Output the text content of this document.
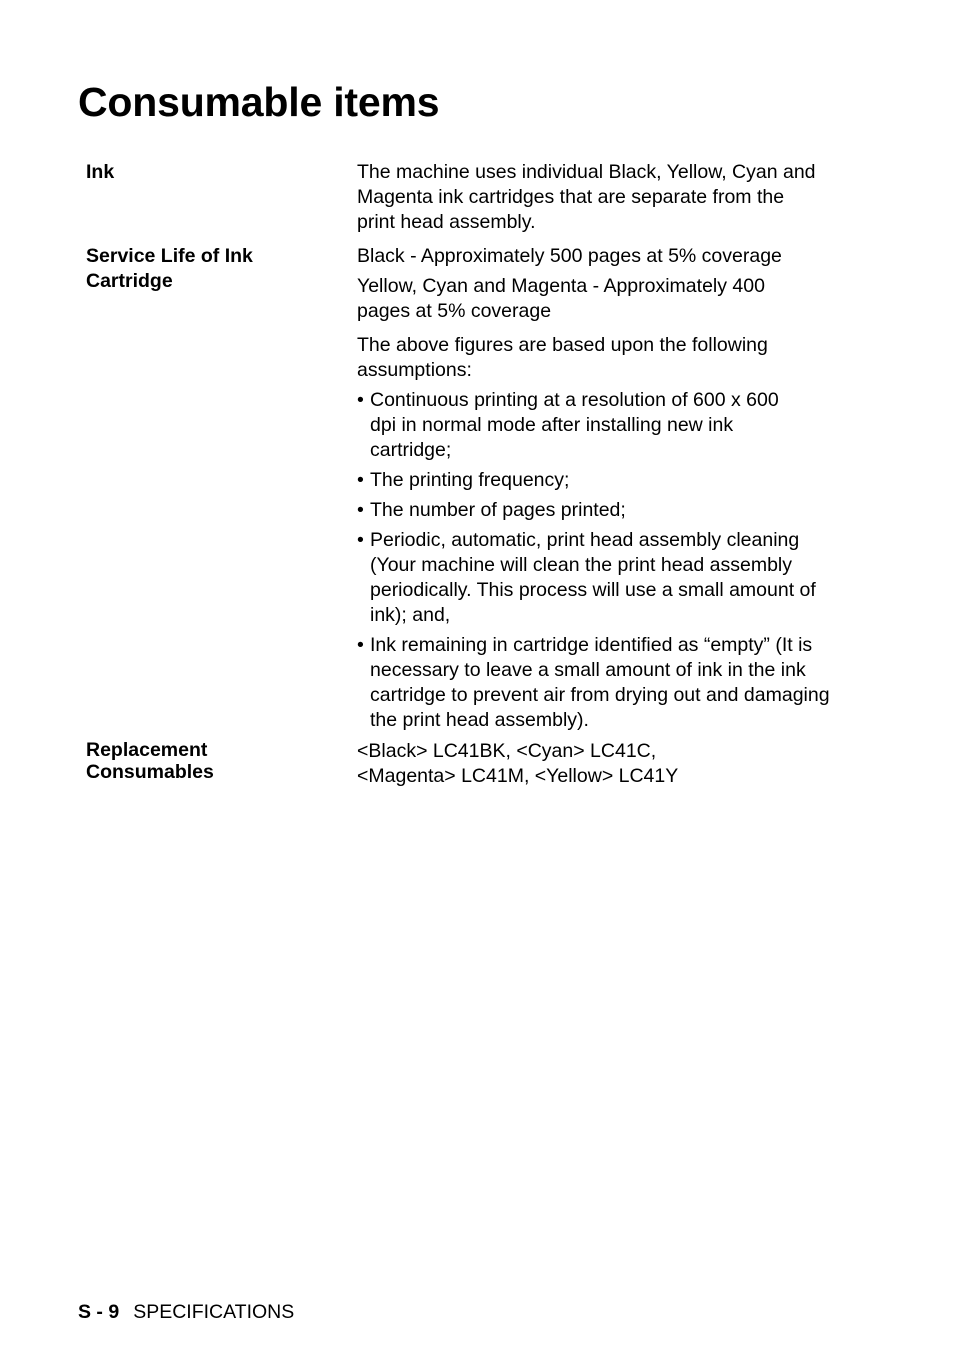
Consumable items
Ink	The machine uses individual Black, Yellow, Cyan and Magenta ink cartridges that are separate from the print head assembly.

Service Life of Ink Cartridge

Black - Approximately 500 pages at 5% coverage

Yellow, Cyan and Magenta - Approximately 400 pages at 5% coverage

The above figures are based upon the following assumptions:

• Continuous printing at a resolution of 600 x 600 dpi in normal mode after installing new ink cartridge;
• The printing frequency;
• The number of pages printed;
• Periodic, automatic, print head assembly cleaning (Your machine will clean the print head assembly periodically. This process will use a small amount of ink); and,
• Ink remaining in cartridge identified as “empty” (It is necessary to leave a small amount of ink in the ink cartridge to prevent air from drying out and damaging the print head assembly).
Replacement Consumables

<Black> LC41BK, <Cyan> LC41C, <Magenta> LC41M, <Yellow> LC41Y

S - 9 SPECIFICATIONS
